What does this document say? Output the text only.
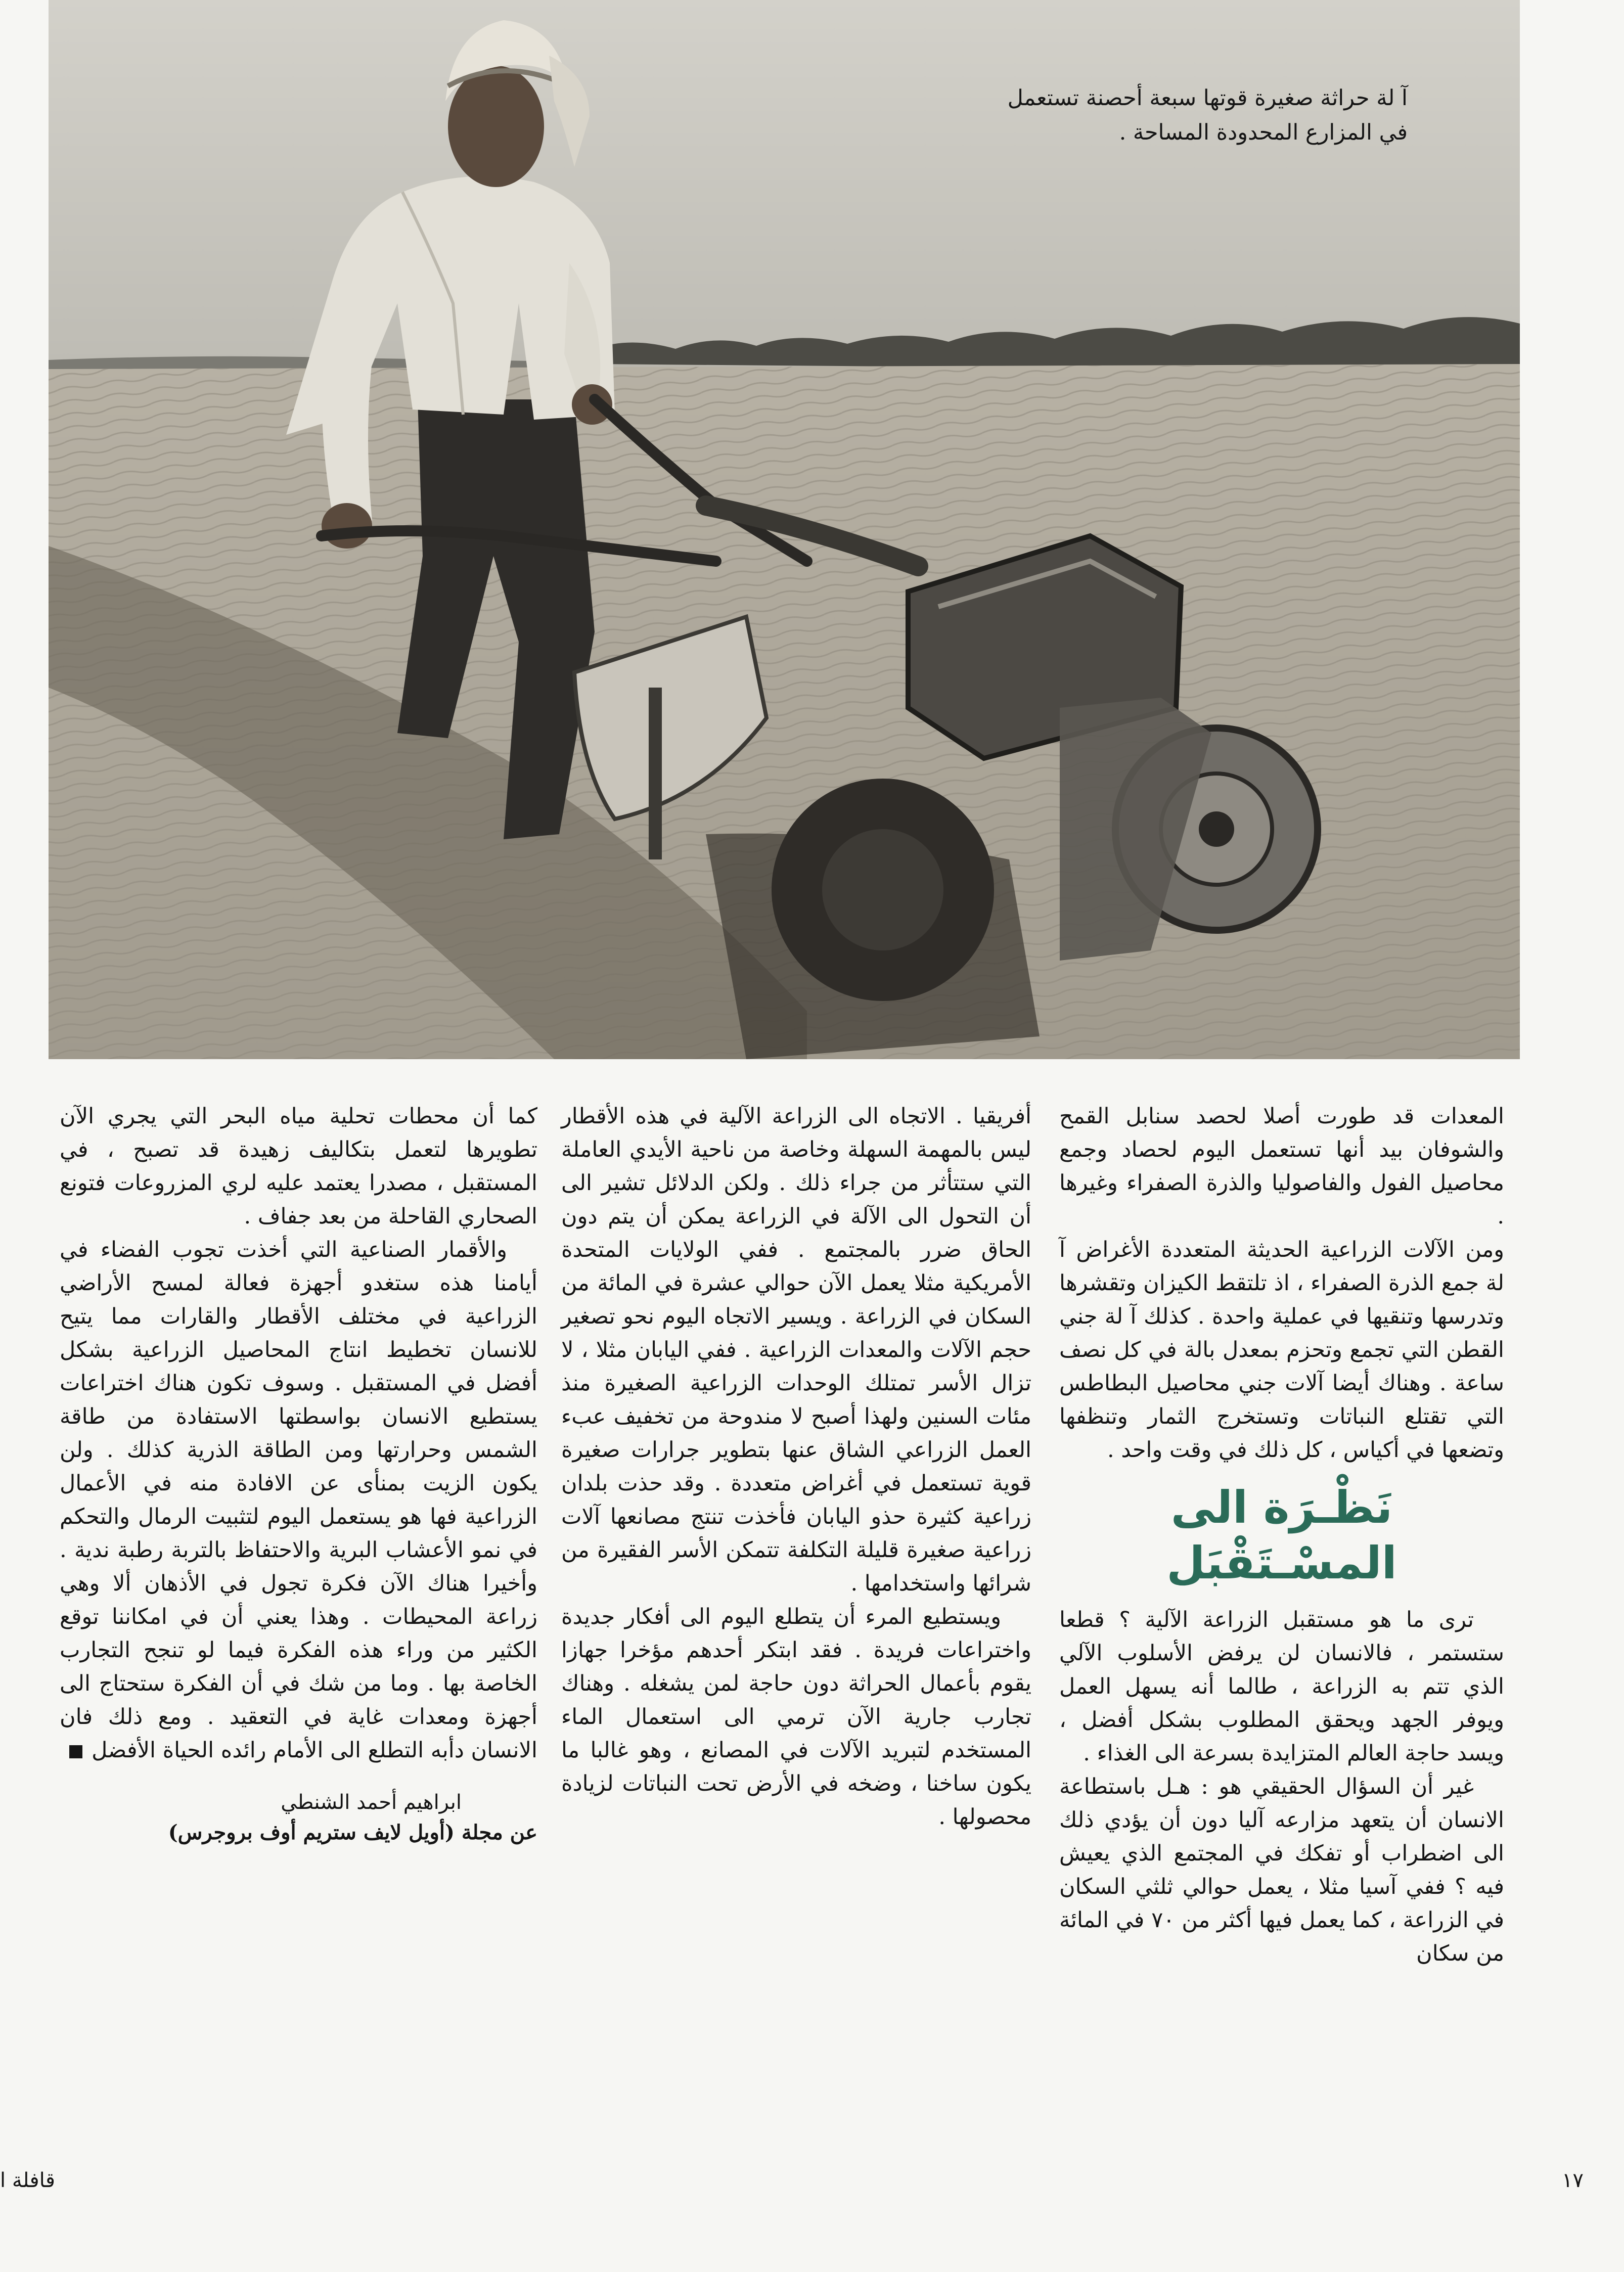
آ لة حراثة صغيرة قوتها سبعة أحصنة تستعمل
في المزارع المحدودة المساحة .

المعدات قد طورت أصلا لحصد سنابل القمح والشوفان بيد أنها تستعمل اليوم لحصاد وجمع محاصيل الفول والفاصوليا والذرة الصفراء وغيرها .

ومن الآلات الزراعية الحديثة المتعددة الأغراض آ لة جمع الذرة الصفراء ، اذ تلتقط الكيزان وتقشرها وتدرسها وتنقيها في عملية واحدة . كذلك آ لة جني القطن التي تجمع وتحزم بمعدل بالة في كل نصف ساعة . وهناك أيضا آلات جني محاصيل البطاطس التي تقتلع النباتات وتستخرج الثمار وتنظفها وتضعها في أكياس ، كل ذلك في وقت واحد .

نَظْـرَة الى المسْـتَقْبَل

ترى ما هو مستقبل الزراعة الآلية ؟ قطعا ستستمر ، فالانسان لن يرفض الأسلوب الآلي الذي تتم به الزراعة ، طالما أنه يسهل العمل ويوفر الجهد ويحقق المطلوب بشكل أفضل ، ويسد حاجة العالم المتزايدة بسرعة الى الغذاء .

غير أن السؤال الحقيقي هو : هـل باستطاعة الانسان أن يتعهد مزارعه آليا دون أن يؤدي ذلك الى اضطراب أو تفكك في المجتمع الذي يعيش فيه ؟ ففي آسيا مثلا ، يعمل حوالي ثلثي السكان في الزراعة ، كما يعمل فيها أكثر من ٧٠ في المائة من سكان

أفريقيا . الاتجاه الى الزراعة الآلية في هذه الأقطار ليس بالمهمة السهلة وخاصة من ناحية الأيدي العاملة التي ستتأثر من جراء ذلك . ولكن الدلائل تشير الى أن التحول الى الآلة في الزراعة يمكن أن يتم دون الحاق ضرر بالمجتمع . ففي الولايات المتحدة الأمريكية مثلا يعمل الآن حوالي عشرة في المائة من السكان في الزراعة . ويسير الاتجاه اليوم نحو تصغير حجم الآلات والمعدات الزراعية . ففي اليابان مثلا ، لا تزال الأسر تمتلك الوحدات الزراعية الصغيرة منذ مئات السنين ولهذا أصبح لا مندوحة من تخفيف عبء العمل الزراعي الشاق عنها بتطوير جرارات صغيرة قوية تستعمل في أغراض متعددة . وقد حذت بلدان زراعية كثيرة حذو اليابان فأخذت تنتج مصانعها آلات زراعية صغيرة قليلة التكلفة تتمكن الأسر الفقيرة من شرائها واستخدامها .

ويستطيع المرء أن يتطلع اليوم الى أفكار جديدة واختراعات فريدة . فقد ابتكر أحدهم مؤخرا جهازا يقوم بأعمال الحراثة دون حاجة لمن يشغله . وهناك تجارب جارية الآن ترمي الى استعمال الماء المستخدم لتبريد الآلات في المصانع ، وهو غالبا ما يكون ساخنا ، وضخه في الأرض تحت النباتات لزيادة محصولها .

كما أن محطات تحلية مياه البحر التي يجري الآن تطويرها لتعمل بتكاليف زهيدة قد تصبح ، في المستقبل ، مصدرا يعتمد عليه لري المزروعات فتونع الصحاري القاحلة من بعد جفاف .

والأقمار الصناعية التي أخذت تجوب الفضاء في أيامنا هذه ستغدو أجهزة فعالة لمسح الأراضي الزراعية في مختلف الأقطار والقارات مما يتيح للانسان تخطيط انتاج المحاصيل الزراعية بشكل أفضل في المستقبل . وسوف تكون هناك اختراعات يستطيع الانسان بواسطتها الاستفادة من طاقة الشمس وحرارتها ومن الطاقة الذرية كذلك . ولن يكون الزيت بمنأى عن الافادة منه في الأعمال الزراعية فها هو يستعمل اليوم لتثبيت الرمال والتحكم في نمو الأعشاب البرية والاحتفاظ بالتربة رطبة ندية . وأخيرا هناك الآن فكرة تجول في الأذهان ألا وهي زراعة المحيطات . وهذا يعني أن في امكاننا توقع الكثير من وراء هذه الفكرة فيما لو تنجح التجارب الخاصة بها . وما من شك في أن الفكرة ستحتاج الى أجهزة ومعدات غاية في التعقيد . ومع ذلك فان الانسان دأبه التطلع الى الأمام رائده الحياة الأفضل

ابراهيم أحمد الشنطي
عن مجلة (أويل لايف ستريم أوف بروجرس)
١٧
قافلة ا
